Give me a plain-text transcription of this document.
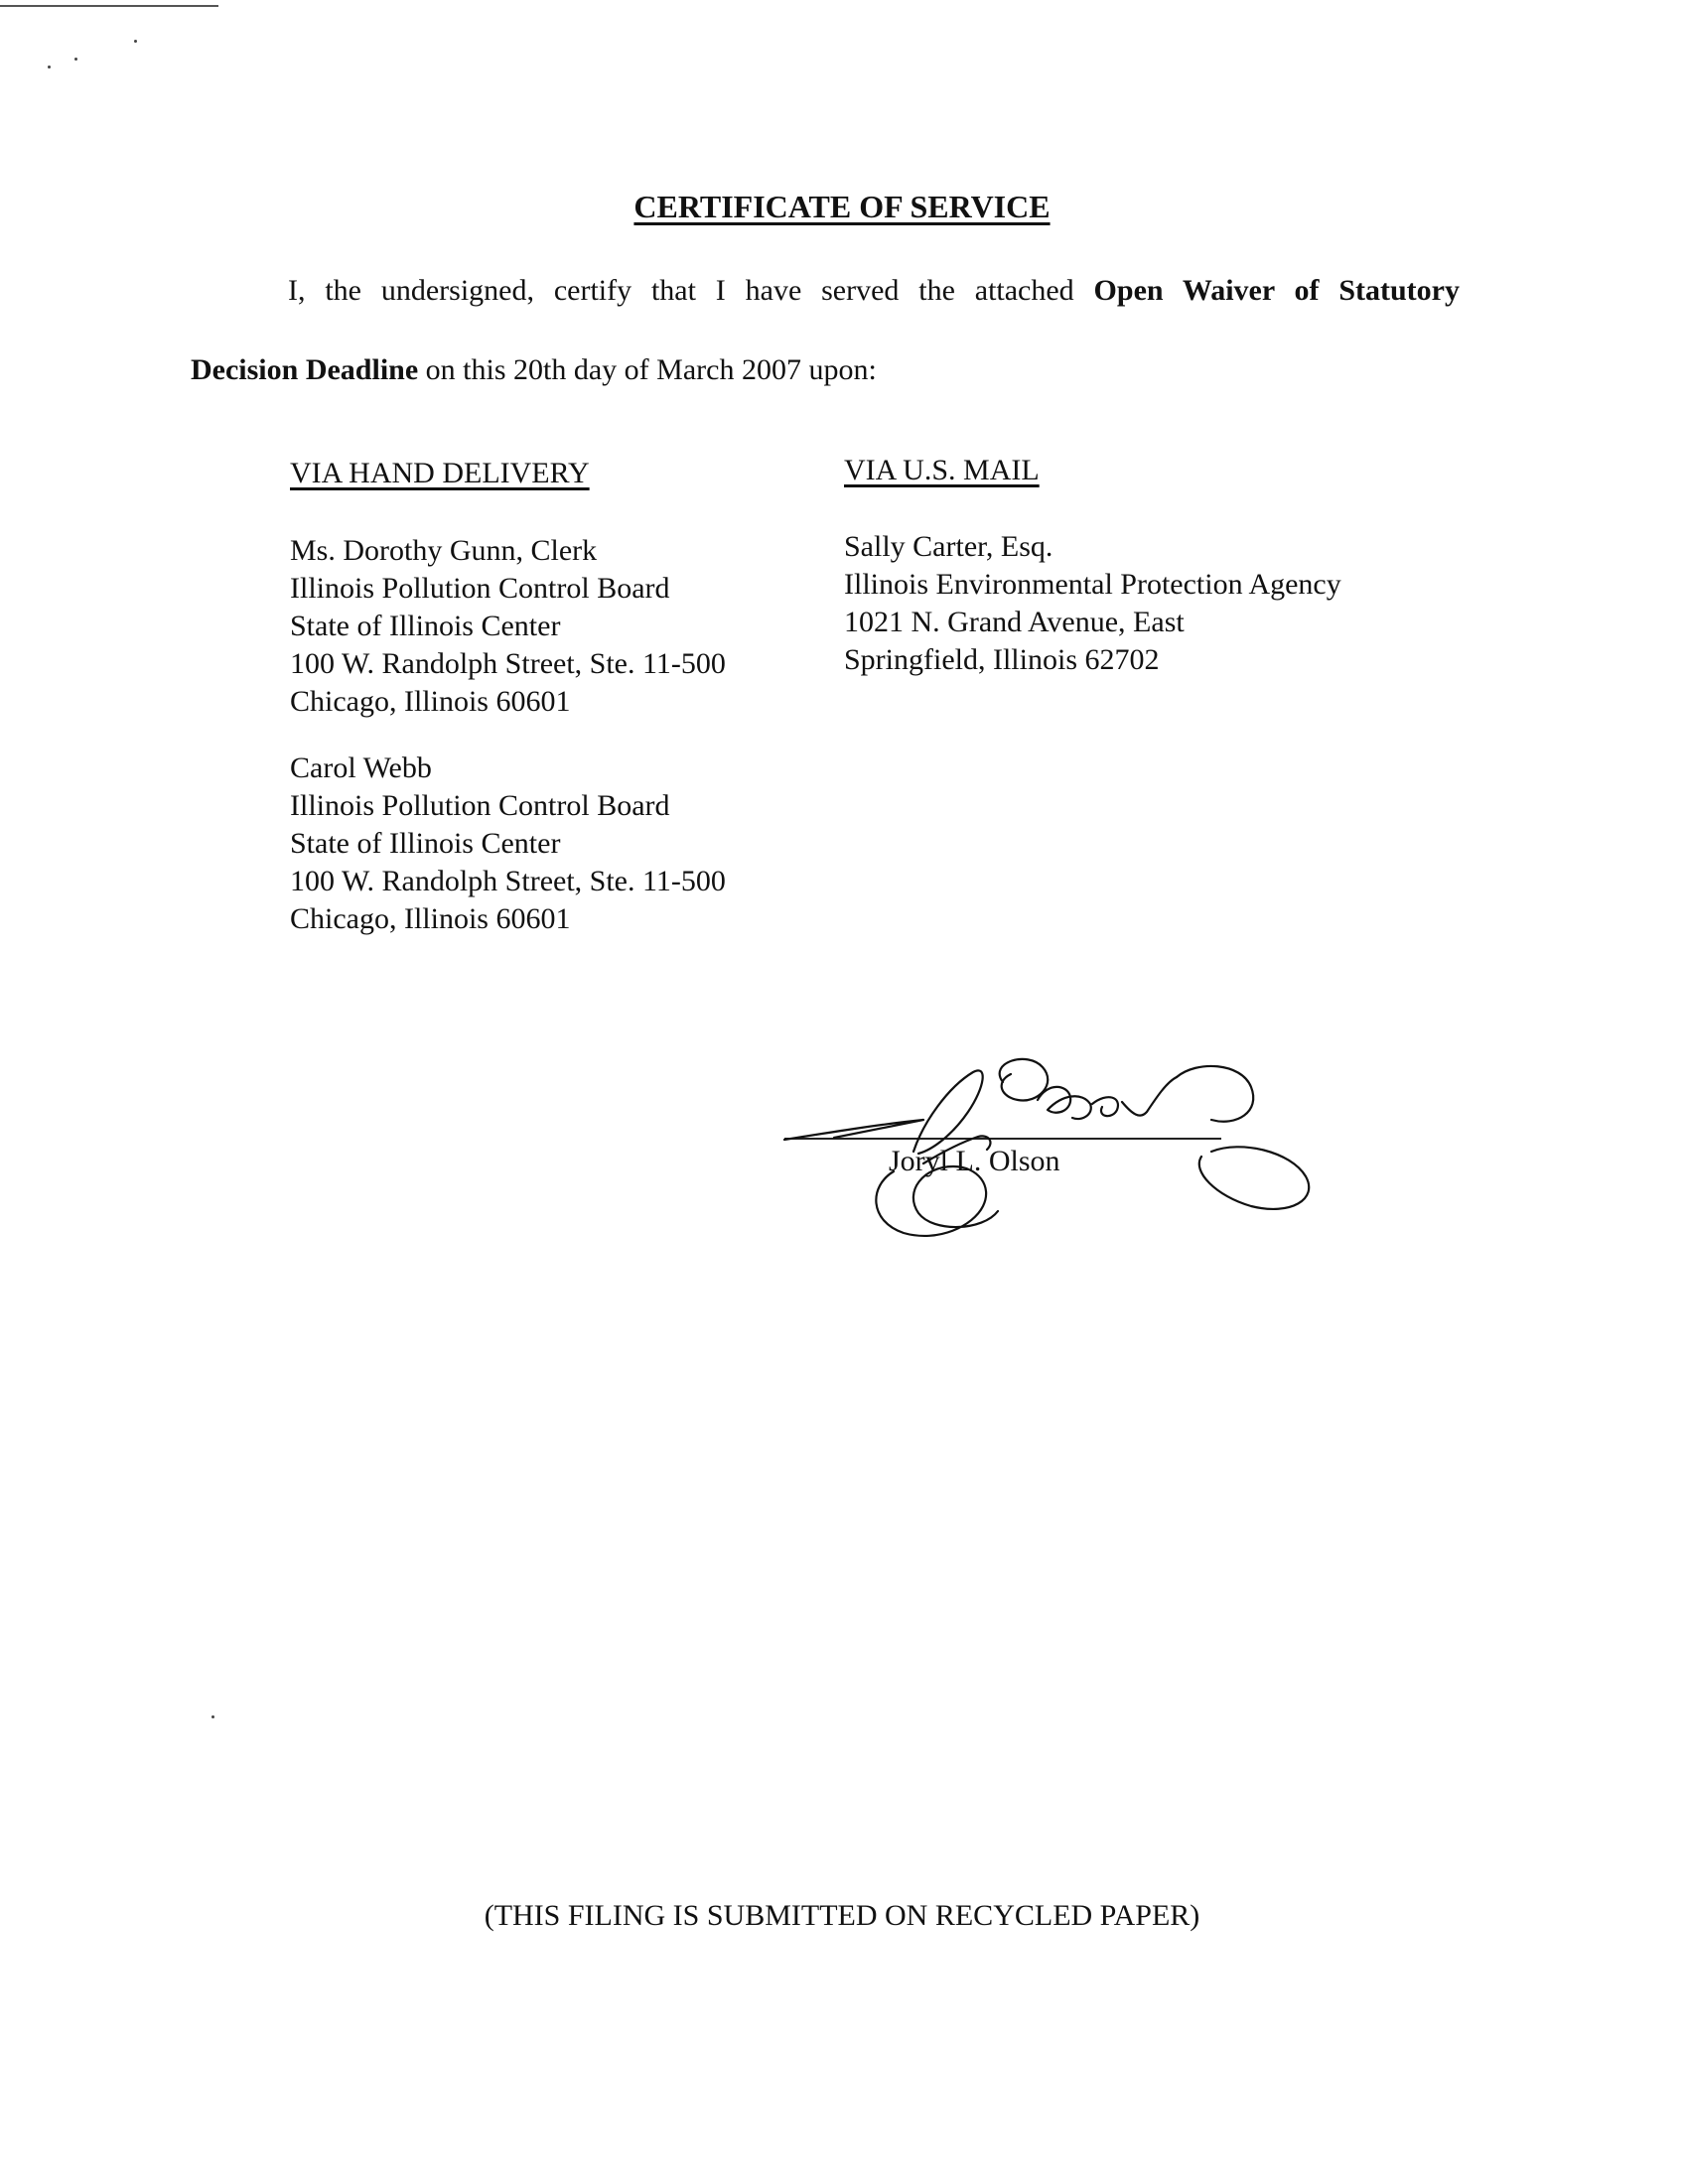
CERTIFICATE OF SERVICE
I, the undersigned, certify that I have served the attached Open Waiver of Statutory
Decision Deadline on this 20th day of March 2007 upon:
VIA HAND DELIVERY	VIA U.S. MAIL
Ms. Dorothy Gunn, Clerk
Illinois Pollution Control Board
State of Illinois Center
100 W. Randolph Street, Ste. 11-500
Chicago, Illinois 60601
Carol Webb
Illinois Pollution Control Board
State of Illinois Center
100 W. Randolph Street, Ste. 11-500
Chicago, Illinois 60601
Sally Carter, Esq.
Illinois Environmental Protection Agency
1021 N. Grand Avenue, East
Springfield, Illinois 62702
Joryl L. Olson
(THIS FILING IS SUBMITTED ON RECYCLED PAPER)
